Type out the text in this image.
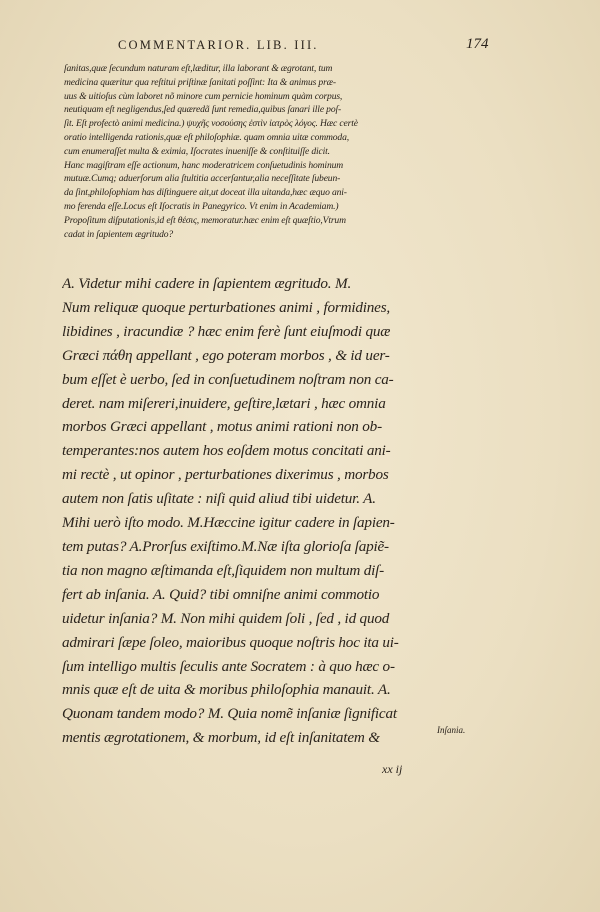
COMMENTARIOR. LIB. III.	174
ſanitas,quæ ſecundum naturam eſt,læditur, illa laborant & ægrotant, tum
medicina quæritur qua reſtitui priſtinæ ſanitati poſſint: Ita & animus præ-
uus & uitioſus cùm laboret nõ minore cum pernicie hominum quàm corpus,
neutiquam eſt negligendus,ſed quæredã ſunt remedia,quibus ſanari ille poſ-
ſit. Eſt profectò animi medicina.) ψυχῆς νοσούσης ἐστὶν ἰατρὸς λόγος. Hæc certè
oratio intelligenda rationis,quæ eſt philoſophiæ. quam omnia uitæ commoda,
cum enumeraſſet multa & eximia, Iſocrates inueniſſe & conſtituiſſe dicit.
Hanc magiſtram eſſe actionum, hanc moderatricem conſuetudinis hominum
mutuæ.Cumq; aduerſorum alia ſtultitia accerſantur,alia neceſſitate ſubeun-
da ſint,philoſophiam has diſtinguere ait,ut doceat illa uitanda,hæc æquo ani-
mo ferenda eſſe.Locus eſt Iſocratis in Panegyrico. Vt enim in Academiam.)
Propoſitum diſputationis,id eſt θέσις, memoratur.hæc enim eſt quæſtio,Vtrum
cadat in ſapientem ægritudo?
A. Videtur mihi cadere in ſapientem ægritudo. M.
Num reliquæ quoque perturbationes animi , formidines,
libidines , iracundiæ ? hæc enim ferè ſunt eiuſmodi quæ
Græci πάθη appellant , ego poteram morbos , & id uer-
bum eſſet è uerbo, ſed in conſuetudinem noſtram non ca-
deret. nam miſereri,inuidere, geſtire,lætari , hæc omnia
morbos Græci appellant , motus animi rationi non ob-
temperantes:nos autem hos eoſdem motus concitati ani-
mi rectè , ut opinor , perturbationes dixerimus , morbos
autem non ſatis uſitate : niſi quid aliud tibi uidetur. A.
Mihi uerò iſto modo. M.Hæccine igitur cadere in ſapien-
tem putas? A.Prorſus exiſtimo.M.Næ iſta glorioſa ſapiẽ-
tia non magno æſtimanda eſt,ſiquidem non multum diſ-
fert ab inſania. A. Quid? tibi omniſne animi commotio
uidetur inſania? M. Non mihi quidem ſoli , ſed , id quod
admirari ſæpe ſoleo, maioribus quoque noſtris hoc ita ui-
ſum intelligo multis ſeculis ante Socratem : à quo hæc o-
mnis quæ eſt de uita & moribus philoſophia manauit. A.
Quonam tandem modo? M. Quia nomẽ inſaniæ ſignificat
mentis ægrotationem, & morbum, id eſt inſanitatem &	Inſania.
xx ij
